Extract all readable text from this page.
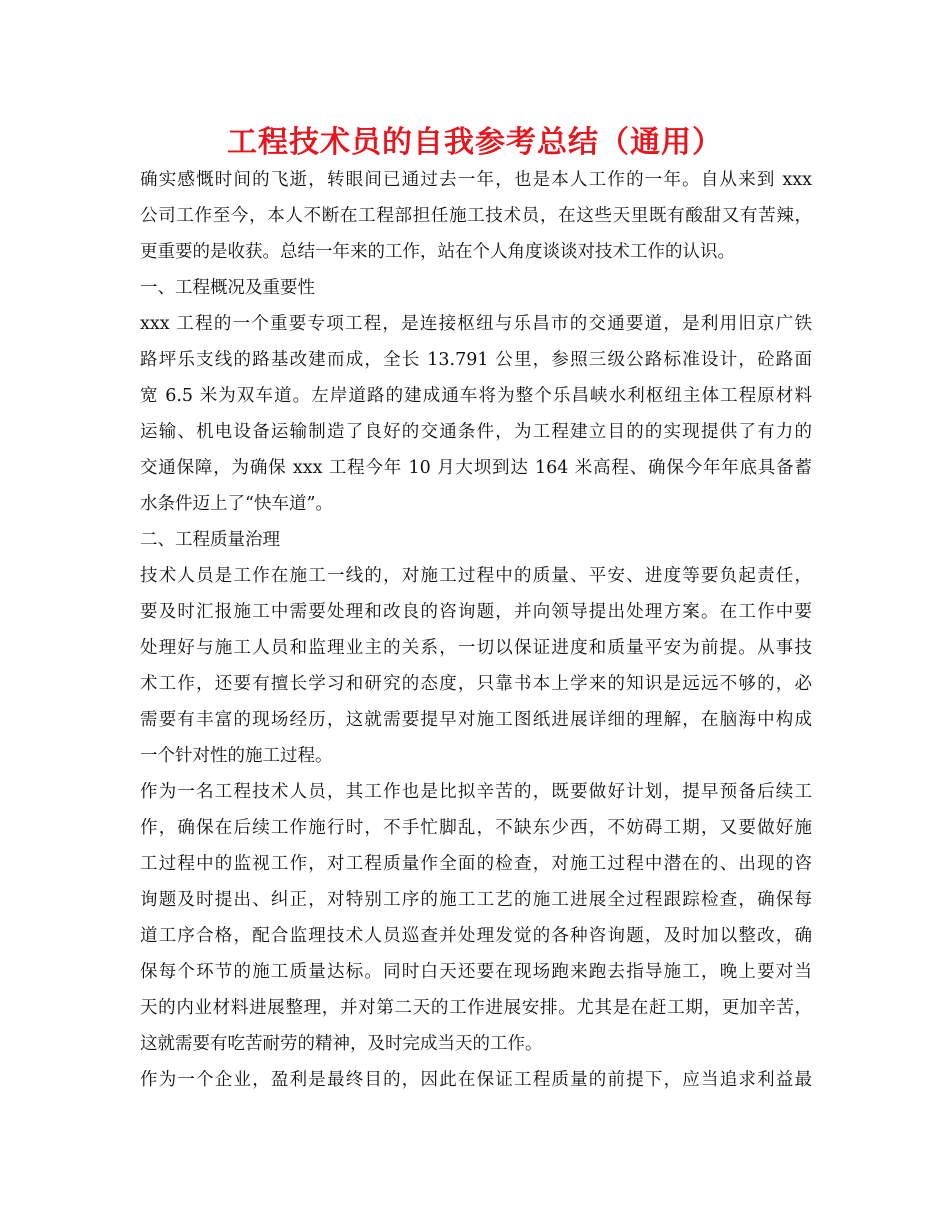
工程技术员的自我参考总结（通用）
确实感慨时间的飞逝，转眼间已通过去一年，也是本人工作的一年。自从来到 xxx
公司工作至今，本人不断在工程部担任施工技术员，在这些天里既有酸甜又有苦辣，
更重要的是收获。总结一年来的工作，站在个人角度谈谈对技术工作的认识。
一、工程概况及重要性
xxx 工程的一个重要专项工程，是连接枢纽与乐昌市的交通要道，是利用旧京广铁
路坪乐支线的路基改建而成，全长 13.791 公里，参照三级公路标准设计，砼路面
宽 6.5 米为双车道。左岸道路的建成通车将为整个乐昌峡水利枢纽主体工程原材料
运输、机电设备运输制造了良好的交通条件，为工程建立目的的实现提供了有力的
交通保障，为确保 xxx 工程今年 10 月大坝到达 164 米高程、确保今年年底具备蓄
水条件迈上了“快车道”。
二、工程质量治理
技术人员是工作在施工一线的，对施工过程中的质量、平安、进度等要负起责任，
要及时汇报施工中需要处理和改良的咨询题，并向领导提出处理方案。在工作中要
处理好与施工人员和监理业主的关系，一切以保证进度和质量平安为前提。从事技
术工作，还要有擅长学习和研究的态度，只靠书本上学来的知识是远远不够的，必
需要有丰富的现场经历，这就需要提早对施工图纸进展详细的理解，在脑海中构成
一个针对性的施工过程。
作为一名工程技术人员，其工作也是比拟辛苦的，既要做好计划，提早预备后续工
作，确保在后续工作施行时，不手忙脚乱，不缺东少西，不妨碍工期，又要做好施
工过程中的监视工作，对工程质量作全面的检查，对施工过程中潜在的、出现的咨
询题及时提出、纠正，对特别工序的施工工艺的施工进展全过程跟踪检查，确保每
道工序合格，配合监理技术人员巡查并处理发觉的各种咨询题，及时加以整改，确
保每个环节的施工质量达标。同时白天还要在现场跑来跑去指导施工，晚上要对当
天的内业材料进展整理，并对第二天的工作进展安排。尤其是在赶工期，更加辛苦，
这就需要有吃苦耐劳的精神，及时完成当天的工作。
作为一个企业，盈利是最终目的，因此在保证工程质量的前提下，应当追求利益最
